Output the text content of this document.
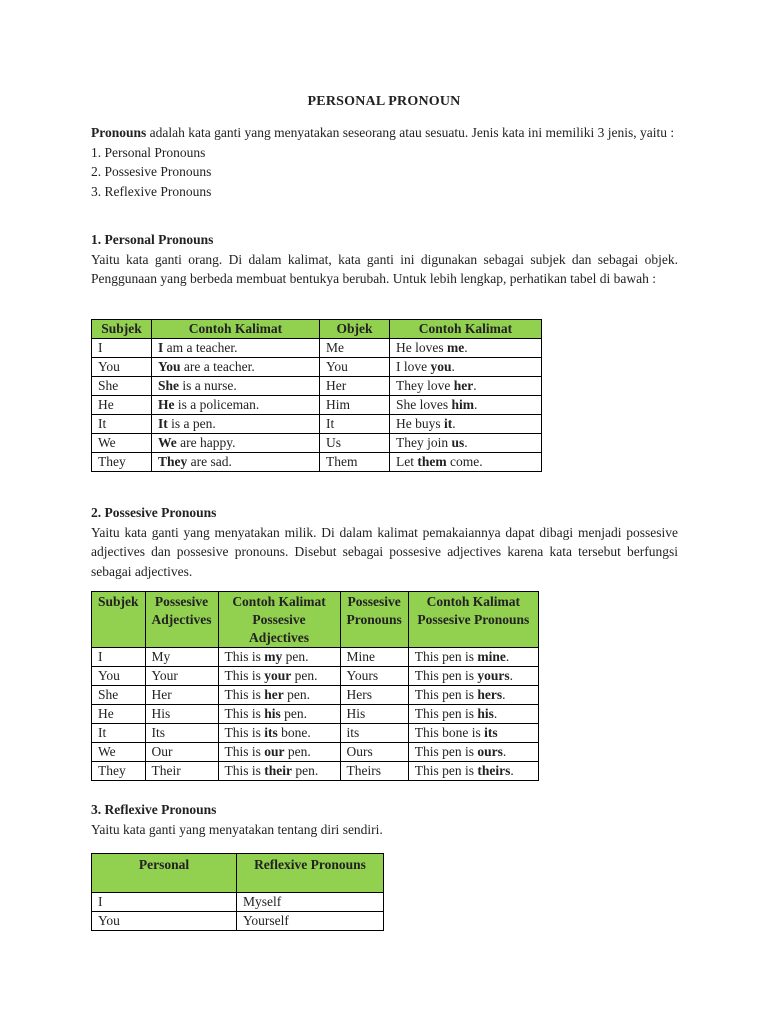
PERSONAL PRONOUN

Pronouns adalah kata ganti yang menyatakan seseorang atau sesuatu. Jenis kata ini memiliki 3 jenis, yaitu :

1. Personal Pronouns

2. Possesive Pronouns

3. Reflexive Pronouns

1. Personal Pronouns

Yaitu kata ganti orang. Di dalam kalimat, kata ganti ini digunakan sebagai subjek dan sebagai objek. Penggunaan yang berbeda membuat bentukya berubah. Untuk lebih lengkap, perhatikan tabel di bawah :

Subjek	Contoh Kalimat	Objek	Contoh Kalimat
I	I am a teacher.	Me	He loves me.
You	You are a teacher.	You	I love you.
She	She is a nurse.	Her	They love her.
He	He is a policeman.	Him	She loves him.
It	It is a pen.	It	He buys it.
We	We are happy.	Us	They join us.
They	They are sad.	Them	Let them come.

2. Possesive Pronouns

Yaitu kata ganti yang menyatakan milik. Di dalam kalimat pemakaiannya dapat dibagi menjadi possesive adjectives dan possesive pronouns. Disebut sebagai possesive adjectives karena kata tersebut berfungsi sebagai adjectives.

Subjek	Possesive Adjectives	Contoh Kalimat Possesive Adjectives	Possesive Pronouns	Contoh Kalimat Possesive Pronouns
I	My	This is my pen.	Mine	This pen is mine.
You	Your	This is your pen.	Yours	This pen is yours.
She	Her	This is her pen.	Hers	This pen is hers.
He	His	This is his pen.	His	This pen is his.
It	Its	This is its bone.	its	This bone is its
We	Our	This is our pen.	Ours	This pen is ours.
They	Their	This is their pen.	Theirs	This pen is theirs.

3. Reflexive Pronouns

Yaitu kata ganti yang menyatakan tentang diri sendiri.

Personal	Reflexive Pronouns
I	Myself
You	Yourself
